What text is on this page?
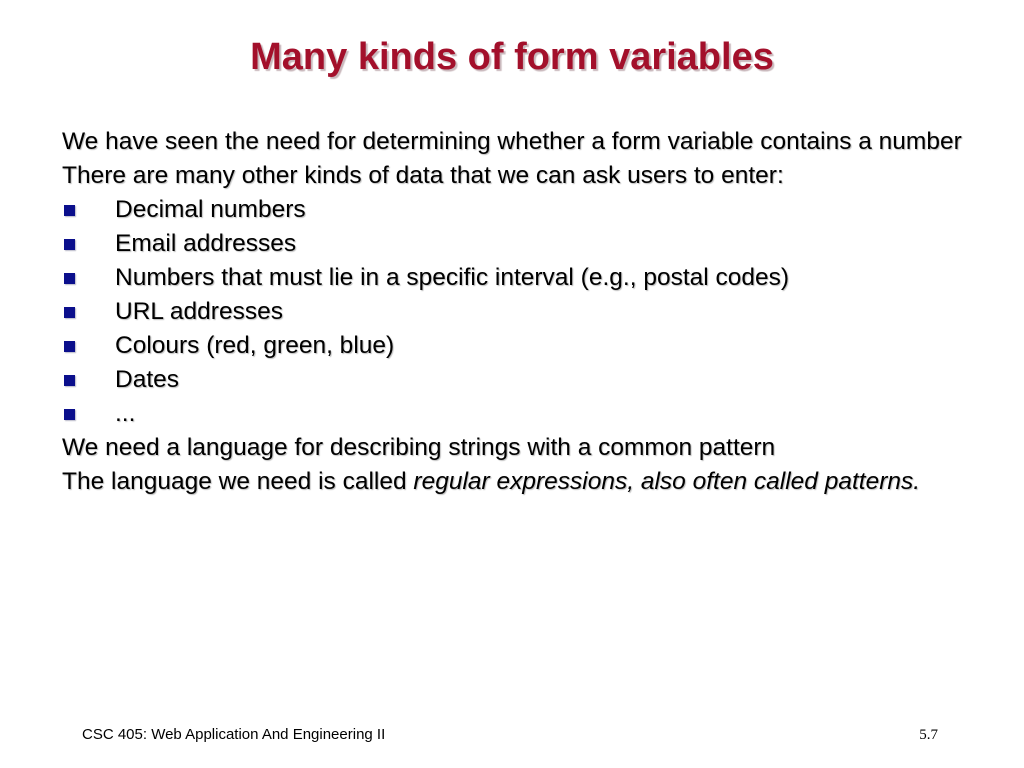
Many kinds of form variables

We have seen the need for determining whether a form variable contains a number

There are many other kinds of data that we can ask users to enter:

Decimal numbers
Email addresses
Numbers that must lie in a specific interval (e.g., postal codes)
URL addresses
Colours (red, green, blue)
Dates
...

We need a language for describing strings with a common pattern

The language we need is called regular expressions, also often called patterns.

CSC 405: Web Application And Engineering II	5.7
